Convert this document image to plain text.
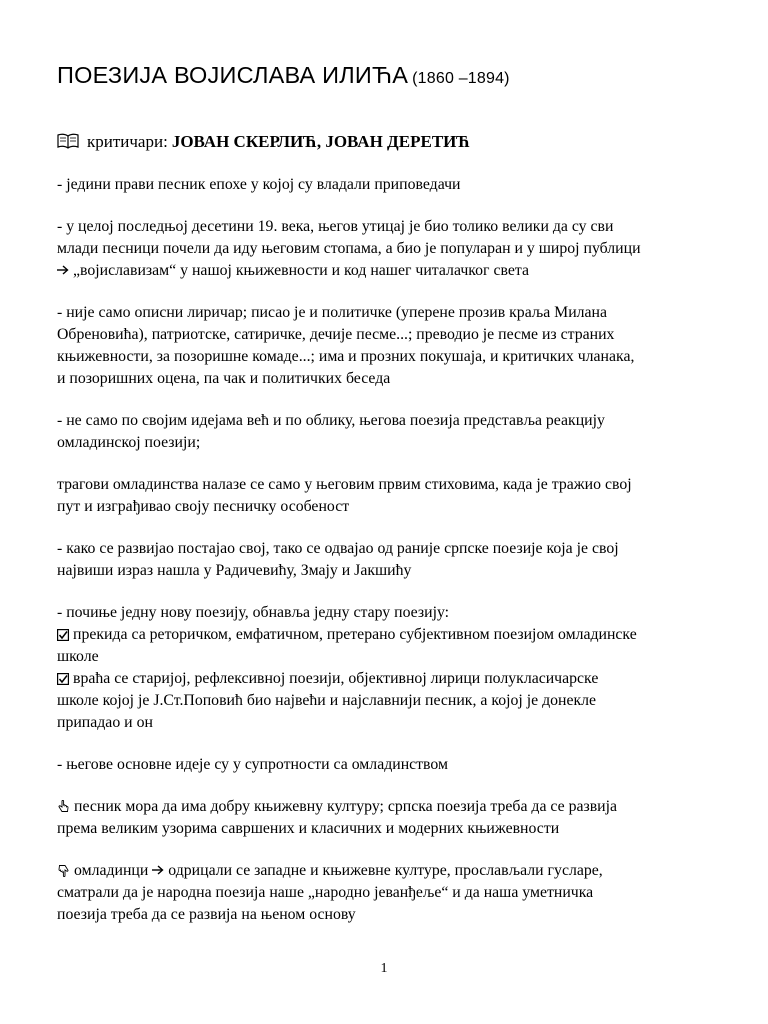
ПОЕЗИЈА ВОЈИСЛАВА ИЛИЋА (1860 –1894)
критичари: ЈОВАН СКЕРЛИЋ, ЈОВАН ДЕРЕТИЋ

- једини прави песник епохе у којој су владали приповедачи

- у целој последњој десетини 19. века, његов утицај је био толико велики да су сви
млади песници почели да иду његовим стопама, а био је популаран и у широј публици
„војиславизам“ у нашој књижевности и код нашег читалачког света

- није само описни лиричар; писао је и политичке (уперене прозив краља Милана
Обреновића), патриотске, сатиричке, дечије песме...; преводио је песме из страних
књижевности, за позоришне комаде...; има и прозних покушаја, и критичких чланака,
и позоришних оцена, па чак и политичких беседа

- не само по својим идејама већ и по облику, његова поезија представља реакцију
омладинској поезији;

трагови омладинства налазе се само у његовим првим стиховима, када је тражио свој
пут и изграђивао своју песничку особеност

- како се развијао постајао свој, тако се одвајао од раније српске поезије која је свој
највиши израз нашла у Радичевићу, Змају и Јакшићу

- почиње једну нову поезију, обнавља једну стару поезију:
прекида са реторичком, емфатичном, претерано субјективном поезијом омладинске
школе
враћа се старијој, рефлексивној поезији, објективној лирици полукласичарске
школе којој је Ј.Ст.Поповић био највећи и најславнији песник, а којој је донекле
припадао и он

- његове основне идеје су у супротности са омладинством

песник мора да има добру књижевну културу; српска поезија треба да се развија
према великим узорима савршених и класичних и модерних књижевности

омладинци одрицали се западне и књижевне културе, прослављали гусларе,
сматрали да је народна поезија наше „народно јеванђеље“ и да наша уметничка
поезија треба да се развија на њеном основу

1
